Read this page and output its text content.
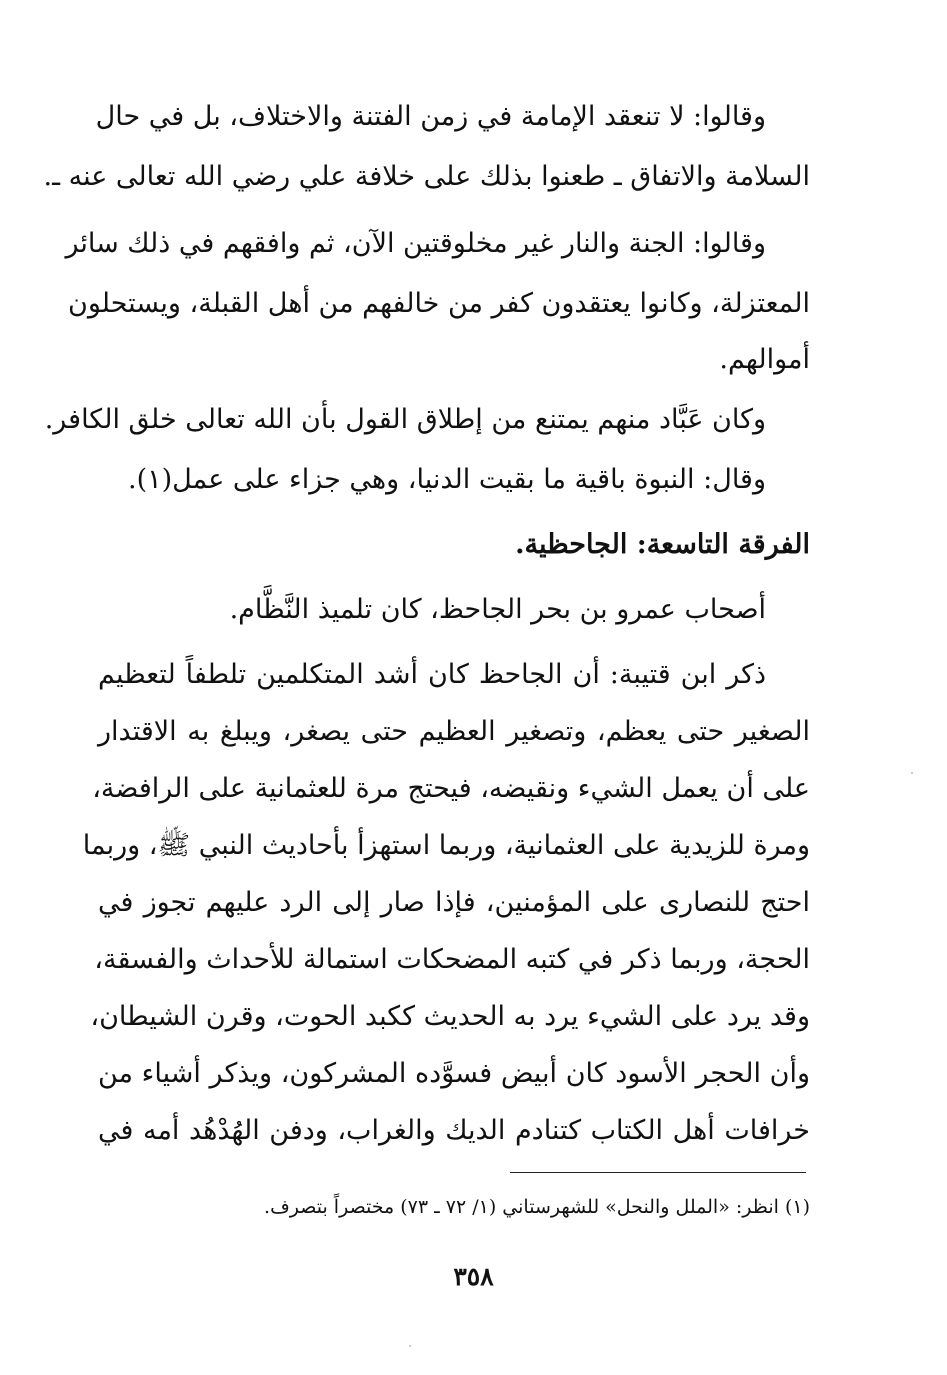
وقالوا: لا تنعقد الإمامة في زمن الفتنة والاختلاف، بل في حال
السلامة والاتفاق ـ طعنوا بذلك على خلافة علي رضي الله تعالى عنه ـ.
وقالوا: الجنة والنار غير مخلوقتين الآن، ثم وافقهم في ذلك سائر
المعتزلة، وكانوا يعتقدون كفر من خالفهم من أهل القبلة، ويستحلون
أموالهم.
وكان عَبَّاد منهم يمتنع من إطلاق القول بأن الله تعالى خلق الكافر.
وقال: النبوة باقية ما بقيت الدنيا، وهي جزاء على عمل(١).
الفرقة التاسعة: الجاحظية.
أصحاب عمرو بن بحر الجاحظ، كان تلميذ النَّظَّام.
ذكر ابن قتيبة: أن الجاحظ كان أشد المتكلمين تلطفاً لتعظيم
الصغير حتى يعظم، وتصغير العظيم حتى يصغر، ويبلغ به الاقتدار
على أن يعمل الشيء ونقيضه، فيحتج مرة للعثمانية على الرافضة،
ومرة للزيدية على العثمانية، وربما استهزأ بأحاديث النبي ﷺ، وربما
احتج للنصارى على المؤمنين، فإذا صار إلى الرد عليهم تجوز في
الحجة، وربما ذكر في كتبه المضحكات استمالة للأحداث والفسقة،
وقد يرد على الشيء يرد به الحديث ككبد الحوت، وقرن الشيطان،
وأن الحجر الأسود كان أبيض فسوَّده المشركون، ويذكر أشياء من
خرافات أهل الكتاب كتنادم الديك والغراب، ودفن الهُدْهُد أمه في
(١) انظر: «الملل والنحل» للشهرستاني (١/ ٧٢ ـ ٧٣) مختصراً بتصرف.
٣٥٨
